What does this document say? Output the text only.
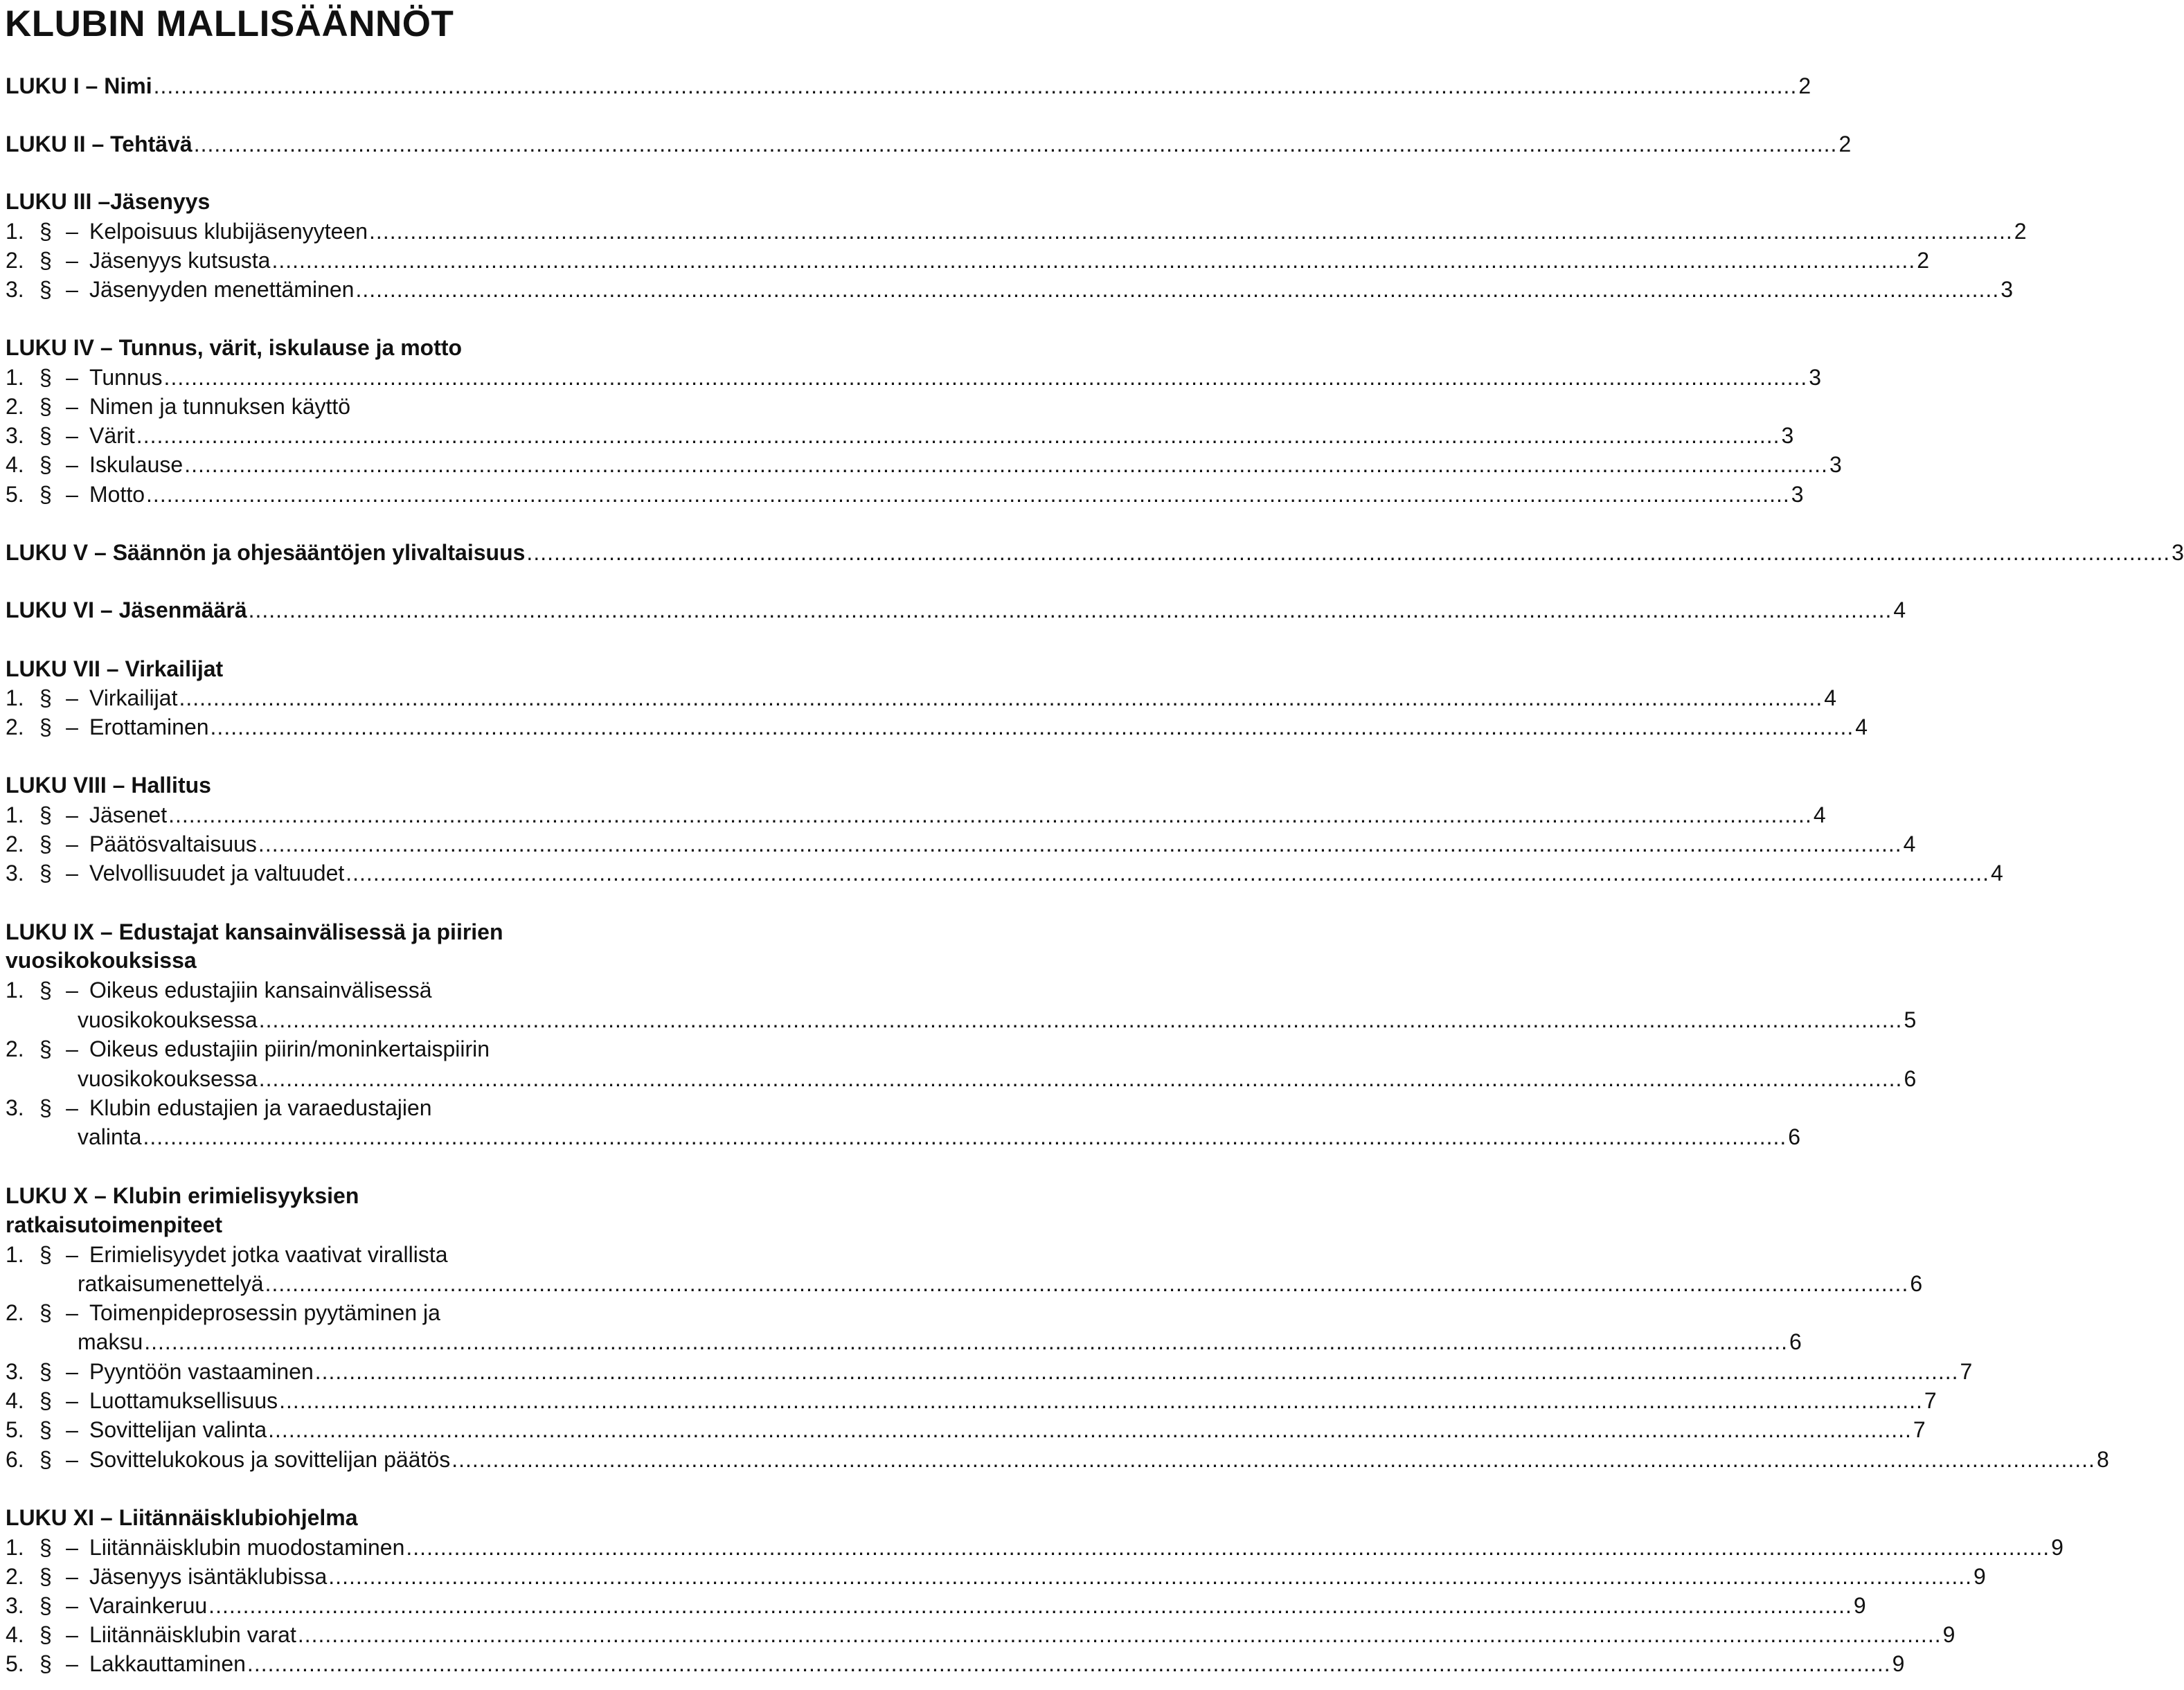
KLUBIN MALLISÄÄNNÖT
LUKU I – Nimi .....	2
LUKU II – Tehtävä .....	2
LUKU III –Jäsenyys
1. § – Kelpoisuus klubijäsenyyteen .....	2
2. § – Jäsenyys kutsusta .....	2
3. § – Jäsenyyden menettäminen .....	3
LUKU IV – Tunnus, värit, iskulause ja motto
1. § – Tunnus .....	3
2. § – Nimen ja tunnuksen käyttö
3. § – Värit .....	3
4. § – Iskulause .....	3
5. § – Motto .....	3
LUKU V – Säännön ja ohjesääntöjen ylivaltaisuus .....	3
LUKU VI – Jäsenmäärä .....	4
LUKU VII – Virkailijat
1. § – Virkailijat .....	4
2. § – Erottaminen .....	4
LUKU VIII – Hallitus
1. § – Jäsenet .....	4
2. § – Päätösvaltaisuus .....	4
3. § – Velvollisuudet ja valtuudet .....	4
LUKU IX – Edustajat kansainvälisessä ja piirien
vuosikokouksissa
1. § – Oikeus edustajiin kansainvälisessä
vuosikokouksessa .....	5
2. § – Oikeus edustajiin piirin/moninkertaispiirin
vuosikokouksessa .....	6
3. § – Klubin edustajien ja varaedustajien
valinta .....	6
LUKU X – Klubin erimielisyyksien
ratkaisutoimenpiteet
1. § – Erimielisyydet jotka vaativat virallista
ratkaisumenettelyä .....	6
2. § – Toimenpideprosessin pyytäminen ja
maksu .....	6
3. § – Pyyntöön vastaaminen .....	7
4. § – Luottamuksellisuus .....	7
5. § – Sovittelijan valinta .....	7
6. § – Sovittelukokous ja sovittelijan päätös .....	8
LUKU XI – Liitännäisklubiohjelma
1. § – Liitännäisklubin muodostaminen .....	9
2. § – Jäsenyys isäntäklubissa .....	9
3. § – Varainkeruu .....	9
4. § – Liitännäisklubin varat .....	9
5. § – Lakkauttaminen .....	9
